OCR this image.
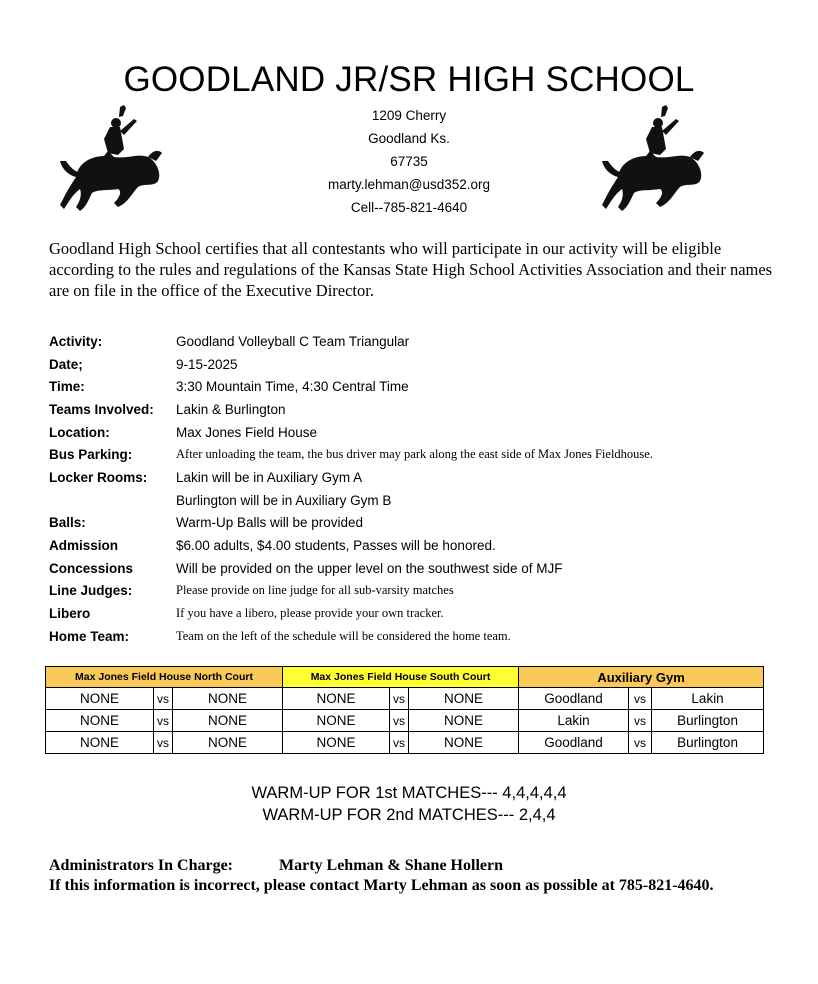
GOODLAND JR/SR HIGH SCHOOL
1209 Cherry
Goodland Ks.
67735
marty.lehman@usd352.org
Cell--785-821-4640
Goodland High School certifies that all contestants who will participate in our activity will be eligible according to the rules and regulations of the Kansas State High School Activities Association and their names are on file in the office of the Executive Director.
Activity:	Goodland Volleyball C Team Triangular
Date;	9-15-2025
Time:	3:30 Mountain Time, 4:30 Central Time
Teams Involved:	Lakin & Burlington
Location:	Max Jones Field House
Bus Parking:	After unloading the team, the bus driver may park along the east side of Max Jones Fieldhouse.
Locker Rooms:	Lakin will be in Auxiliary Gym A
Burlington will be in Auxiliary Gym B
Balls:	Warm-Up Balls will be provided
Admission	$6.00 adults, $4.00 students, Passes will be honored.
Concessions	Will be provided on the upper level on the southwest side of MJF
Line Judges:	Please provide on line judge for all sub-varsity matches
Libero	If you have a libero, please provide your own tracker.
Home Team:	Team on the left of the schedule will be considered the home team.
Max Jones Field House North Court			Max Jones Field House South Court			Auxiliary Gym		
NONE	vs	NONE	NONE	vs	NONE	Goodland	vs	Lakin
NONE	vs	NONE	NONE	vs	NONE	Lakin	vs	Burlington
NONE	vs	NONE	NONE	vs	NONE	Goodland	vs	Burlington
WARM-UP FOR 1st MATCHES--- 4,4,4,4,4
WARM-UP FOR 2nd MATCHES--- 2,4,4
Administrators In Charge:	Marty Lehman & Shane Hollern
If this information is incorrect, please contact Marty Lehman as soon as possible at 785-821-4640.
